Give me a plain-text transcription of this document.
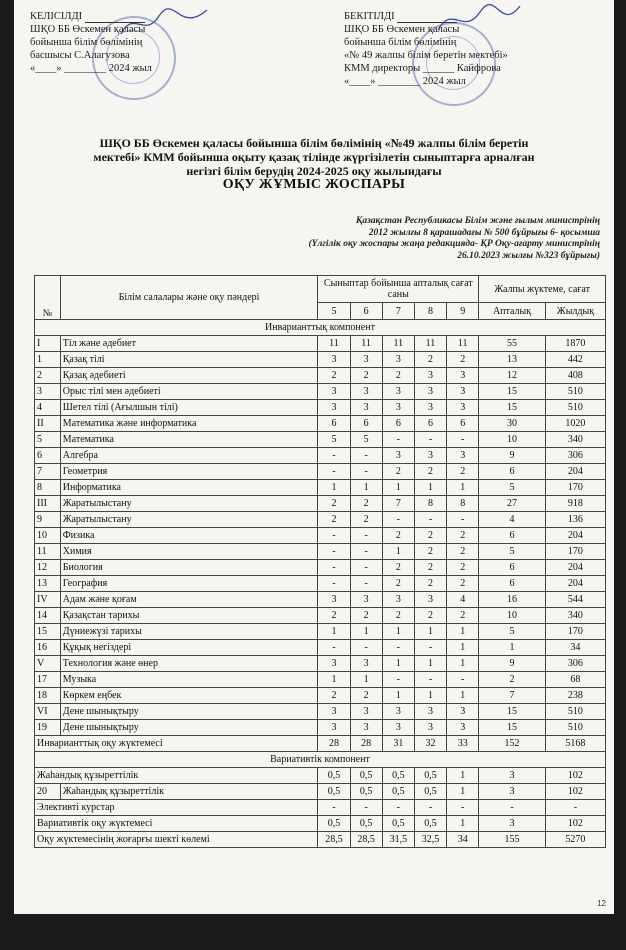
КЕЛІСІЛДІ
ШҚО ББ Өскемен қаласы
бойынша білім бөлімінің
басшысы С.Алагузова
«____» ________ 2024 жыл
БЕКІТІЛДІ
ШҚО ББ Өскемен қаласы
бойынша білім бөлімінің
«№ 49 жалпы білім беретін мектебі»
КММ директоры ______ Кайфрова
«____» ________ 2024 жыл
ШҚО ББ Өскемен қаласы бойынша білім бөлімінің «№49 жалпы білім беретін
мектебі» КММ бойынша оқыту қазақ тілінде жүргізілетін сыныптарға арналған
негізгі білім берудің 2024-2025 оқу жылындағы
ОҚУ ЖҰМЫС ЖОСПАРЫ
Қазақстан Республикасы Білім және ғылым министрінің
2012 жылғы 8 қарашадағы № 500 бұйрығы 6- қосымша
(Үлгілік оқу жоспары жаңа редакцияда- ҚР Оқу-ағарту министрінің
26.10.2023 жылғы №323 бұйрығы)
№	Білім салалары және оқу пәндері	Сыныптар бойынша апталық сағат саны					Жалпы жүктеме, сағат	
		5	6	7	8	9	Апталық	Жылдық
Инварианттық компонент								
I	Тіл және әдебиет	11	11	11	11	11	55	1870
1	Қазақ тілі	3	3	3	2	2	13	442
2	Қазақ әдебиеті	2	2	2	3	3	12	408
3	Орыс тілі мен әдебиеті	3	3	3	3	3	15	510
4	Шетел тілі (Ағылшын тілі)	3	3	3	3	3	15	510
II	Математика және информатика	6	6	6	6	6	30	1020
5	Математика	5	5	-	-	-	10	340
6	Алгебра	-	-	3	3	3	9	306
7	Геометрия	-	-	2	2	2	6	204
8	Информатика	1	1	1	1	1	5	170
III	Жаратылыстану	2	2	7	8	8	27	918
9	Жаратылыстану	2	2	-	-	-	4	136
10	Физика	-	-	2	2	2	6	204
11	Химия	-	-	1	2	2	5	170
12	Биология	-	-	2	2	2	6	204
13	География	-	-	2	2	2	6	204
IV	Адам және қоғам	3	3	3	3	4	16	544
14	Қазақстан тарихы	2	2	2	2	2	10	340
15	Дүниежүзі тарихы	1	1	1	1	1	5	170
16	Құқық негіздері	-	-	-	-	1	1	34
V	Технология және өнер	3	3	1	1	1	9	306
17	Музыка	1	1	-	-	-	2	68
18	Көркем еңбек	2	2	1	1	1	7	238
VI	Дене шынықтыру	3	3	3	3	3	15	510
19	Дене шынықтыру	3	3	3	3	3	15	510
Инварианттық оқу жүктемесі		28	28	31	32	33	152	5168
Вариативтік компонент								
Жаһандық құзыреттілік		0,5	0,5	0,5	0,5	1	3	102
20	Жаһандық құзыреттілік	0,5	0,5	0,5	0,5	1	3	102
Элективті курстар		-	-	-	-	-	-	-
Вариативтік оқу жүктемесі		0,5	0,5	0,5	0,5	1	3	102
Оқу жүктемесінің жоғарғы шекті көлемі		28,5	28,5	31,5	32,5	34	155	5270
12
